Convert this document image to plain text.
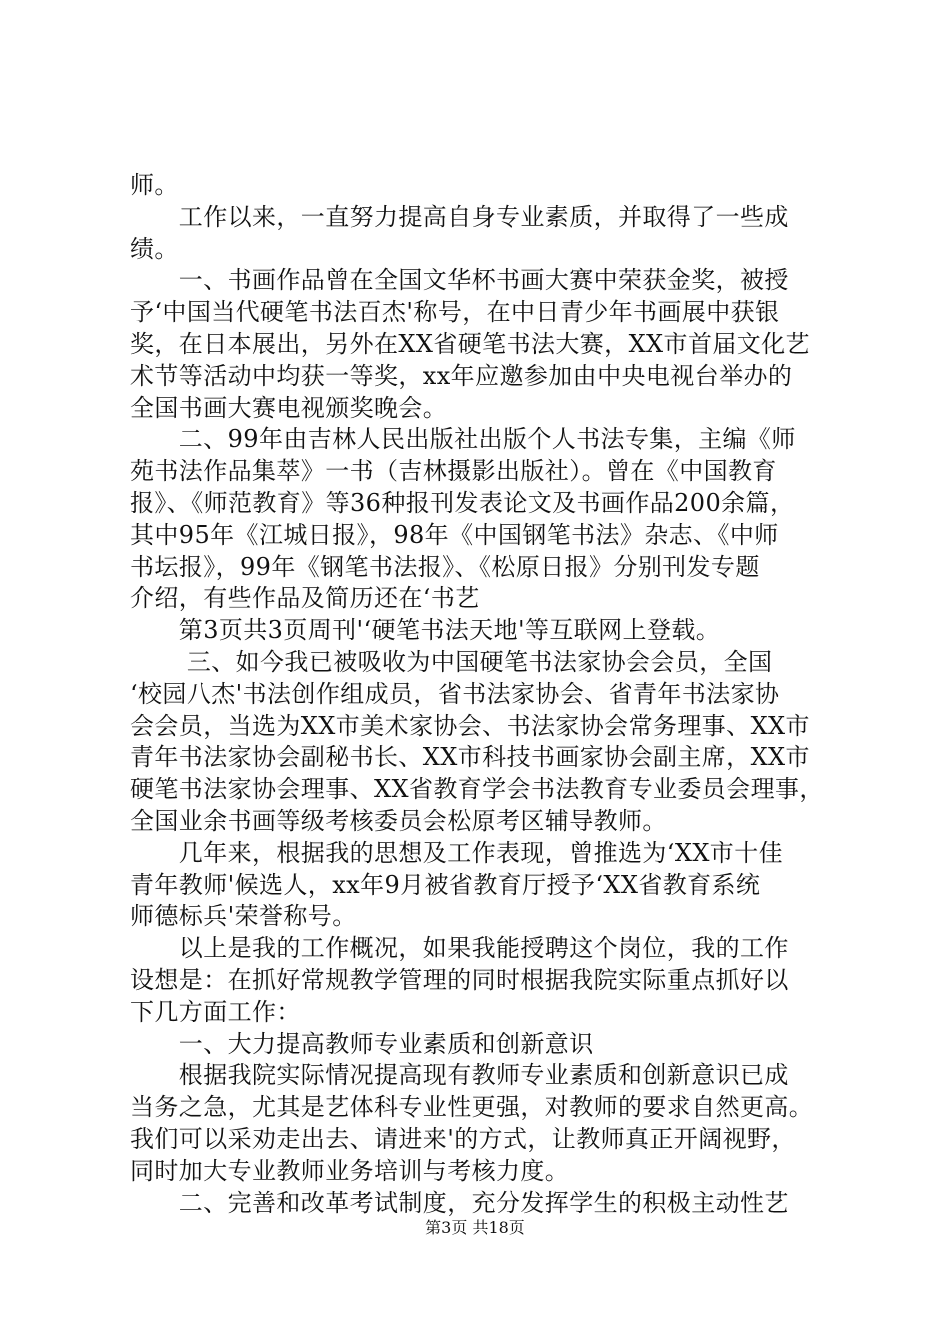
师。
　　工作以来，一直努力提高自身专业素质，并取得了一些成
绩。
　　一、书画作品曾在全国文华杯书画大赛中荣获金奖，被授
予‘中国当代硬笔书法百杰'称号，在中日青少年书画展中获银
奖，在日本展出，另外在XX省硬笔书法大赛，XX市首届文化艺
术节等活动中均获一等奖，xx年应邀参加由中央电视台举办的
全国书画大赛电视颁奖晚会。
　　二、99年由吉林人民出版社出版个人书法专集，主编《师
苑书法作品集萃》一书（吉林摄影出版社）。曾在《中国教育
报》、《师范教育》等36种报刊发表论文及书画作品200余篇，
其中95年《江城日报》，98年《中国钢笔书法》杂志、《中师
书坛报》，99年《钢笔书法报》、《松原日报》分别刊发专题
介绍，有些作品及简历还在‘书艺
　　第3页共3页周刊'‘硬笔书法天地'等互联网上登载。
　　 三、如今我已被吸收为中国硬笔书法家协会会员，全国
‘校园八杰'书法创作组成员，省书法家协会、省青年书法家协
会会员，当选为XX市美术家协会、书法家协会常务理事、XX市
青年书法家协会副秘书长、XX市科技书画家协会副主席，XX市
硬笔书法家协会理事、XX省教育学会书法教育专业委员会理事，
全国业余书画等级考核委员会松原考区辅导教师。
　　几年来，根据我的思想及工作表现，曾推选为‘XX市十佳
青年教师'候选人，xx年9月被省教育厅授予‘XX省教育系统
师德标兵'荣誉称号。
　　以上是我的工作概况，如果我能授聘这个岗位，我的工作
设想是：在抓好常规教学管理的同时根据我院实际重点抓好以
下几方面工作：
　　一、大力提高教师专业素质和创新意识
　　根据我院实际情况提高现有教师专业素质和创新意识已成
当务之急，尤其是艺体科专业性更强，对教师的要求自然更高。
我们可以采劝走出去、请进来'的方式，让教师真正开阔视野，
同时加大专业教师业务培训与考核力度。
　　二、完善和改革考试制度，充分发挥学生的积极主动性艺
第3页 共18页
